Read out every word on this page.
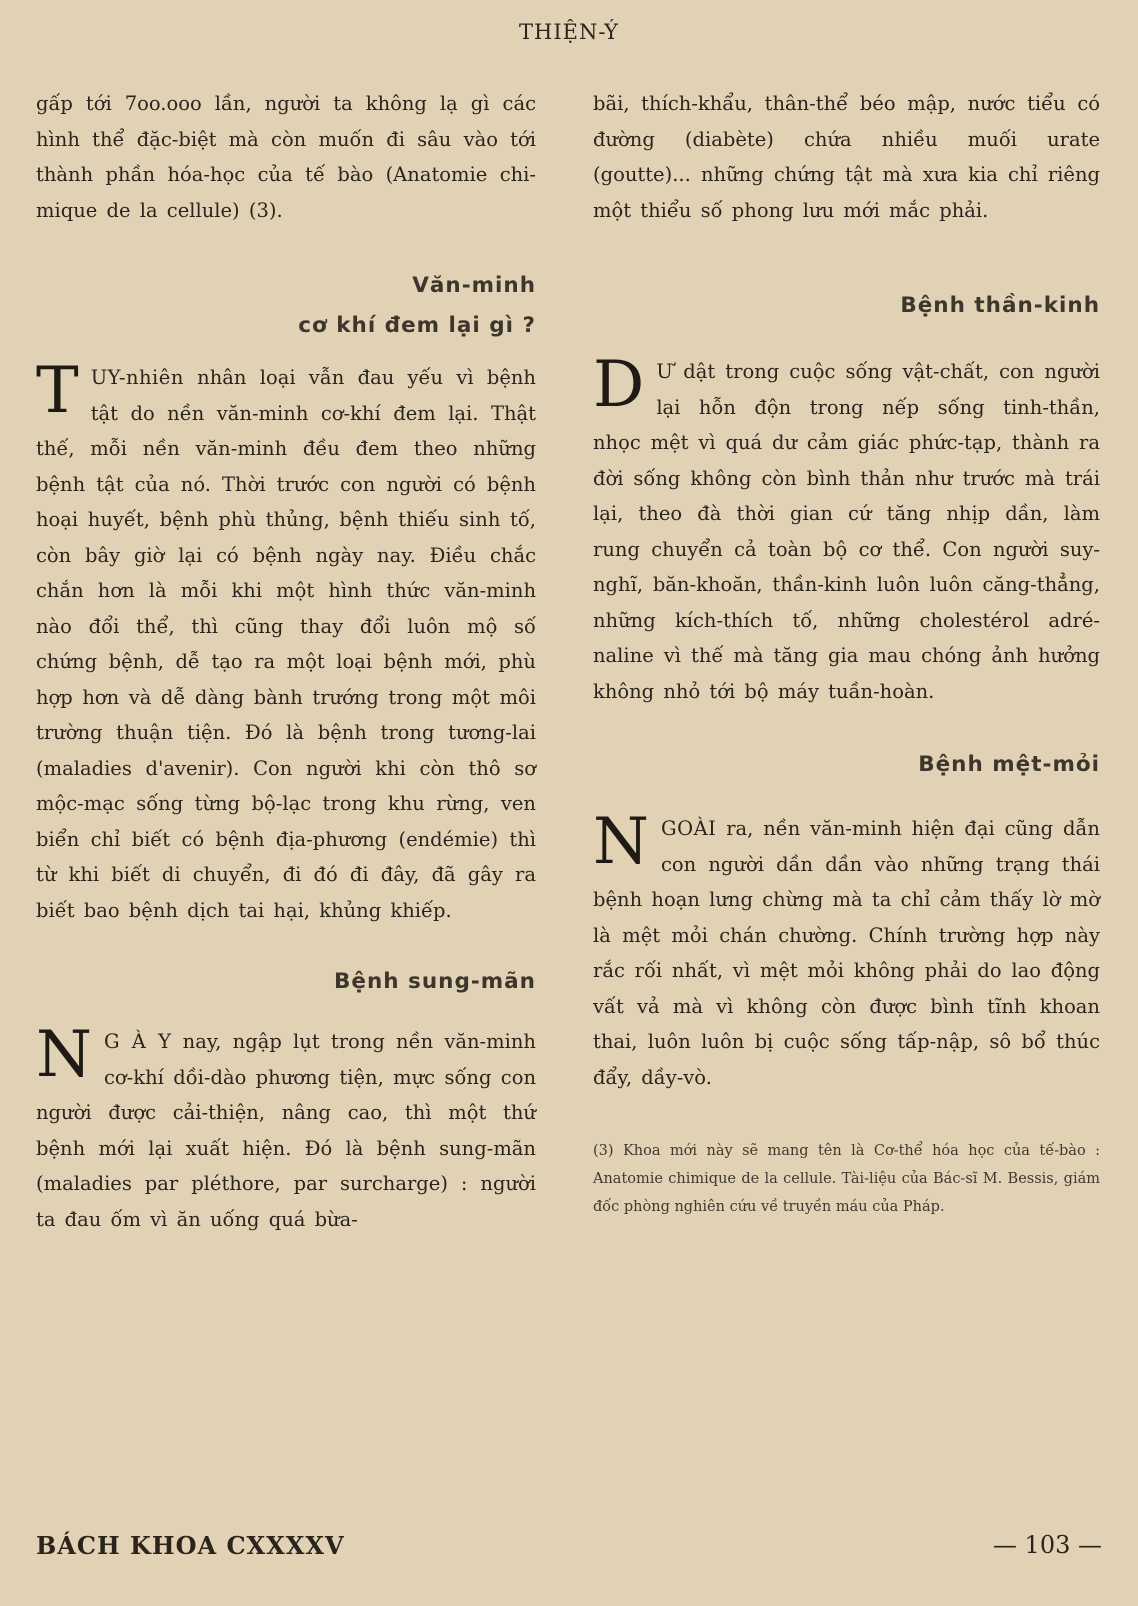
THIỆN-Ý

gấp tới 7oo.ooo lần, người ta không lạ gì các hình thể đặc-biệt mà còn muốn đi sâu vào tới thành phần hóa-học của tế bào (Anatomie chi-mique de la cellule) (3).

Văn-minh

cơ khí đem lại gì ?

TUY-nhiên nhân loại vẫn đau yếu vì bệnh tật do nền văn-minh cơ-khí đem lại. Thật thế, mỗi nền văn-minh đều đem theo những bệnh tật của nó. Thời trước con người có bệnh hoại huyết, bệnh phù thủng, bệnh thiếu sinh tố, còn bây giờ lại có bệnh ngày nay. Điều chắc chắn hơn là mỗi khi một hình thức văn-minh nào đổi thể, thì cũng thay đổi luôn mộ số chứng bệnh, dễ tạo ra một loại bệnh mới, phù hợp hơn và dễ dàng bành trướng trong một môi trường thuận tiện. Đó là bệnh trong tương-lai (maladies d'avenir). Con người khi còn thô sơ mộc-mạc sống từng bộ-lạc trong khu rừng, ven biển chỉ biết có bệnh địa-phương (endémie) thì từ khi biết di chuyển, đi đó đi đây, đã gây ra biết bao bệnh dịch tai hại, khủng khiếp.

Bệnh sung-mãn

N G À Y nay, ngập lụt trong nền văn-minh cơ-khí dồi-dào phương tiện, mực sống con người được cải-thiện, nâng cao, thì một thứ bệnh mới lại xuất hiện. Đó là bệnh sung-mãn (maladies par pléthore, par surcharge) : người ta đau ốm vì ăn uống quá bừa-

bãi, thích-khẩu, thân-thể béo mập, nước tiểu có đường (diabète) chứa nhiều muối urate (goutte)... những chứng tật mà xưa kia chỉ riêng một thiểu số phong lưu mới mắc phải.

Bệnh thần-kinh

D Ư dật trong cuộc sống vật-chất, con người lại hỗn độn trong nếp sống tinh-thần, nhọc mệt vì quá dư cảm giác phức-tạp, thành ra đời sống không còn bình thản như trước mà trái lại, theo đà thời gian cứ tăng nhịp dần, làm rung chuyển cả toàn bộ cơ thể. Con người suy-nghĩ, băn-khoăn, thần-kinh luôn luôn căng-thẳng, những kích-thích tố, những cholestérol adré-naline vì thế mà tăng gia mau chóng ảnh hưởng không nhỏ tới bộ máy tuần-hoàn.

Bệnh mệt-mỏi

NGOÀI ra, nền văn-minh hiện đại cũng dẫn con người dần dần vào những trạng thái bệnh hoạn lưng chừng mà ta chỉ cảm thấy lờ mờ là mệt mỏi chán chường. Chính trường hợp này rắc rối nhất, vì mệt mỏi không phải do lao động vất vả mà vì không còn được bình tĩnh khoan thai, luôn luôn bị cuộc sống tấp-nập, sô bổ thúc đẩy, dầy-vò.

(3) Khoa mới này sẽ mang tên là Cơ-thể hóa học của tế-bào : Anatomie chimique de la cellule. Tài-liệu của Bác-sĩ M. Bessis, giám đốc phòng nghiên cứu về truyền máu của Pháp.

BÁCH KHOA CXXXXV	— 103 —
